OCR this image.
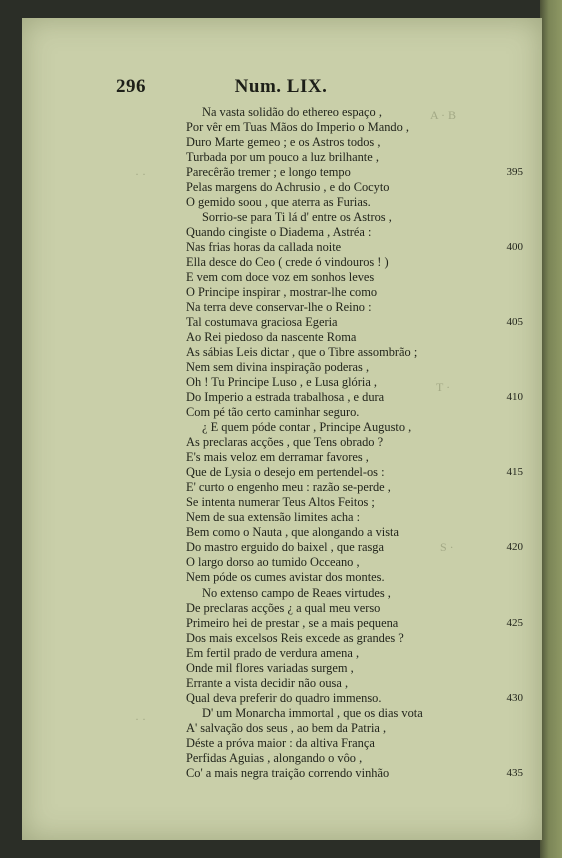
A · B
· ·
T ·
S ·
· ·
296	Num. LIX.
Na vasta solidão do ethereo espaço ,
Por vêr em Tuas Mãos do Imperio o Mando ,
Duro Marte gemeo ; e os Astros todos ,
Turbada por um pouco a luz brilhante ,
Parecêrão tremer ; e longo tempo	395
Pelas margens do Achrusio , e do Cocyto
O gemido soou , que aterra as Furias.
Sorrio-se para Ti lá d' entre os Astros ,
Quando cingiste o Diadema , Astréa :
Nas frias horas da callada noite	400
Ella desce do Ceo ( crede ó vindouros ! )
E vem com doce voz em sonhos leves
O Principe inspirar , mostrar-lhe como
Na terra deve conservar-lhe o Reino :
Tal costumava graciosa Egeria	405
Ao Rei piedoso da nascente Roma
As sábias Leis dictar , que o Tibre assombrão ;
Nem sem divina inspiração poderas ,
Oh ! Tu Principe Luso , e Lusa glória ,
Do Imperio a estrada trabalhosa , e dura	410
Com pé tão certo caminhar seguro.
¿ E quem póde contar , Principe Augusto ,
As preclaras acções , que Tens obrado ?
E's mais veloz em derramar favores ,
Que de Lysia o desejo em pertendel-os :	415
E' curto o engenho meu : razão se-perde ,
Se intenta numerar Teus Altos Feitos ;
Nem de sua extensão limites acha :
Bem como o Nauta , que alongando a vista
Do mastro erguido do baixel , que rasga	420
O largo dorso ao tumido Occeano ,
Nem póde os cumes avistar dos montes.
No extenso campo de Reaes virtudes ,
De preclaras acções ¿ a qual meu verso
Primeiro hei de prestar , se a mais pequena	425
Dos mais excelsos Reis excede as grandes ?
Em fertil prado de verdura amena ,
Onde mil flores variadas surgem ,
Errante a vista decidir não ousa ,
Qual deva preferir do quadro immenso.	430
D' um Monarcha immortal , que os dias vota
A' salvação dos seus , ao bem da Patria ,
Déste a próva maior : da altiva França
Perfidas Aguias , alongando o vôo ,
Co' a mais negra traição correndo vinhão	435
